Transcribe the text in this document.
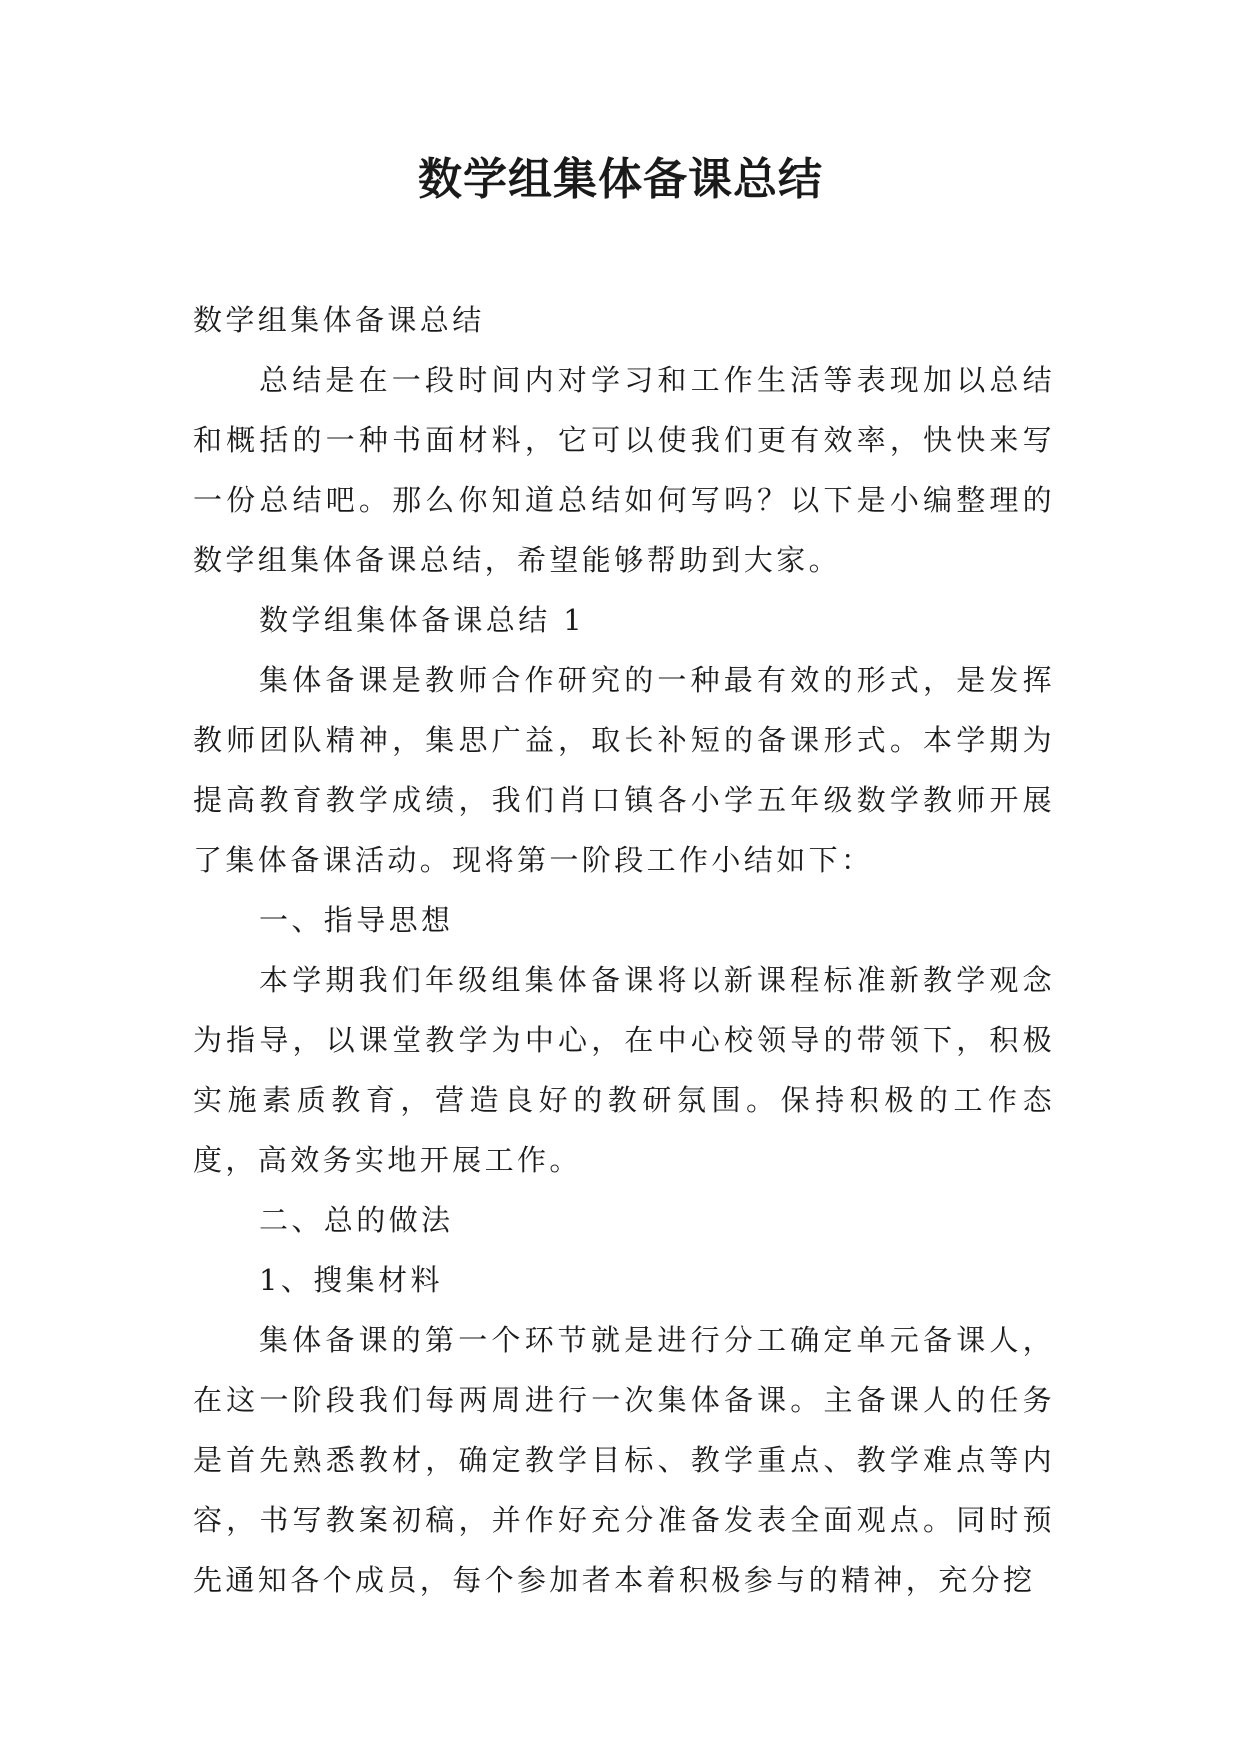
数学组集体备课总结

数学组集体备课总结

总结是在一段时间内对学习和工作生活等表现加以总结和概括的一种书面材料，它可以使我们更有效率，快快来写一份总结吧。那么你知道总结如何写吗？以下是小编整理的数学组集体备课总结，希望能够帮助到大家。

数学组集体备课总结 1

集体备课是教师合作研究的一种最有效的形式，是发挥教师团队精神，集思广益，取长补短的备课形式。本学期为提高教育教学成绩，我们肖口镇各小学五年级数学教师开展了集体备课活动。现将第一阶段工作小结如下：

一、指导思想

本学期我们年级组集体备课将以新课程标准新教学观念为指导，以课堂教学为中心，在中心校领导的带领下，积极实施素质教育，营造良好的教研氛围。保持积极的工作态度，高效务实地开展工作。

二、总的做法

1、搜集材料

集体备课的第一个环节就是进行分工确定单元备课人，在这一阶段我们每两周进行一次集体备课。主备课人的任务是首先熟悉教材，确定教学目标、教学重点、教学难点等内容，书写教案初稿，并作好充分准备发表全面观点。同时预先通知各个成员，每个参加者本着积极参与的精神，充分挖
